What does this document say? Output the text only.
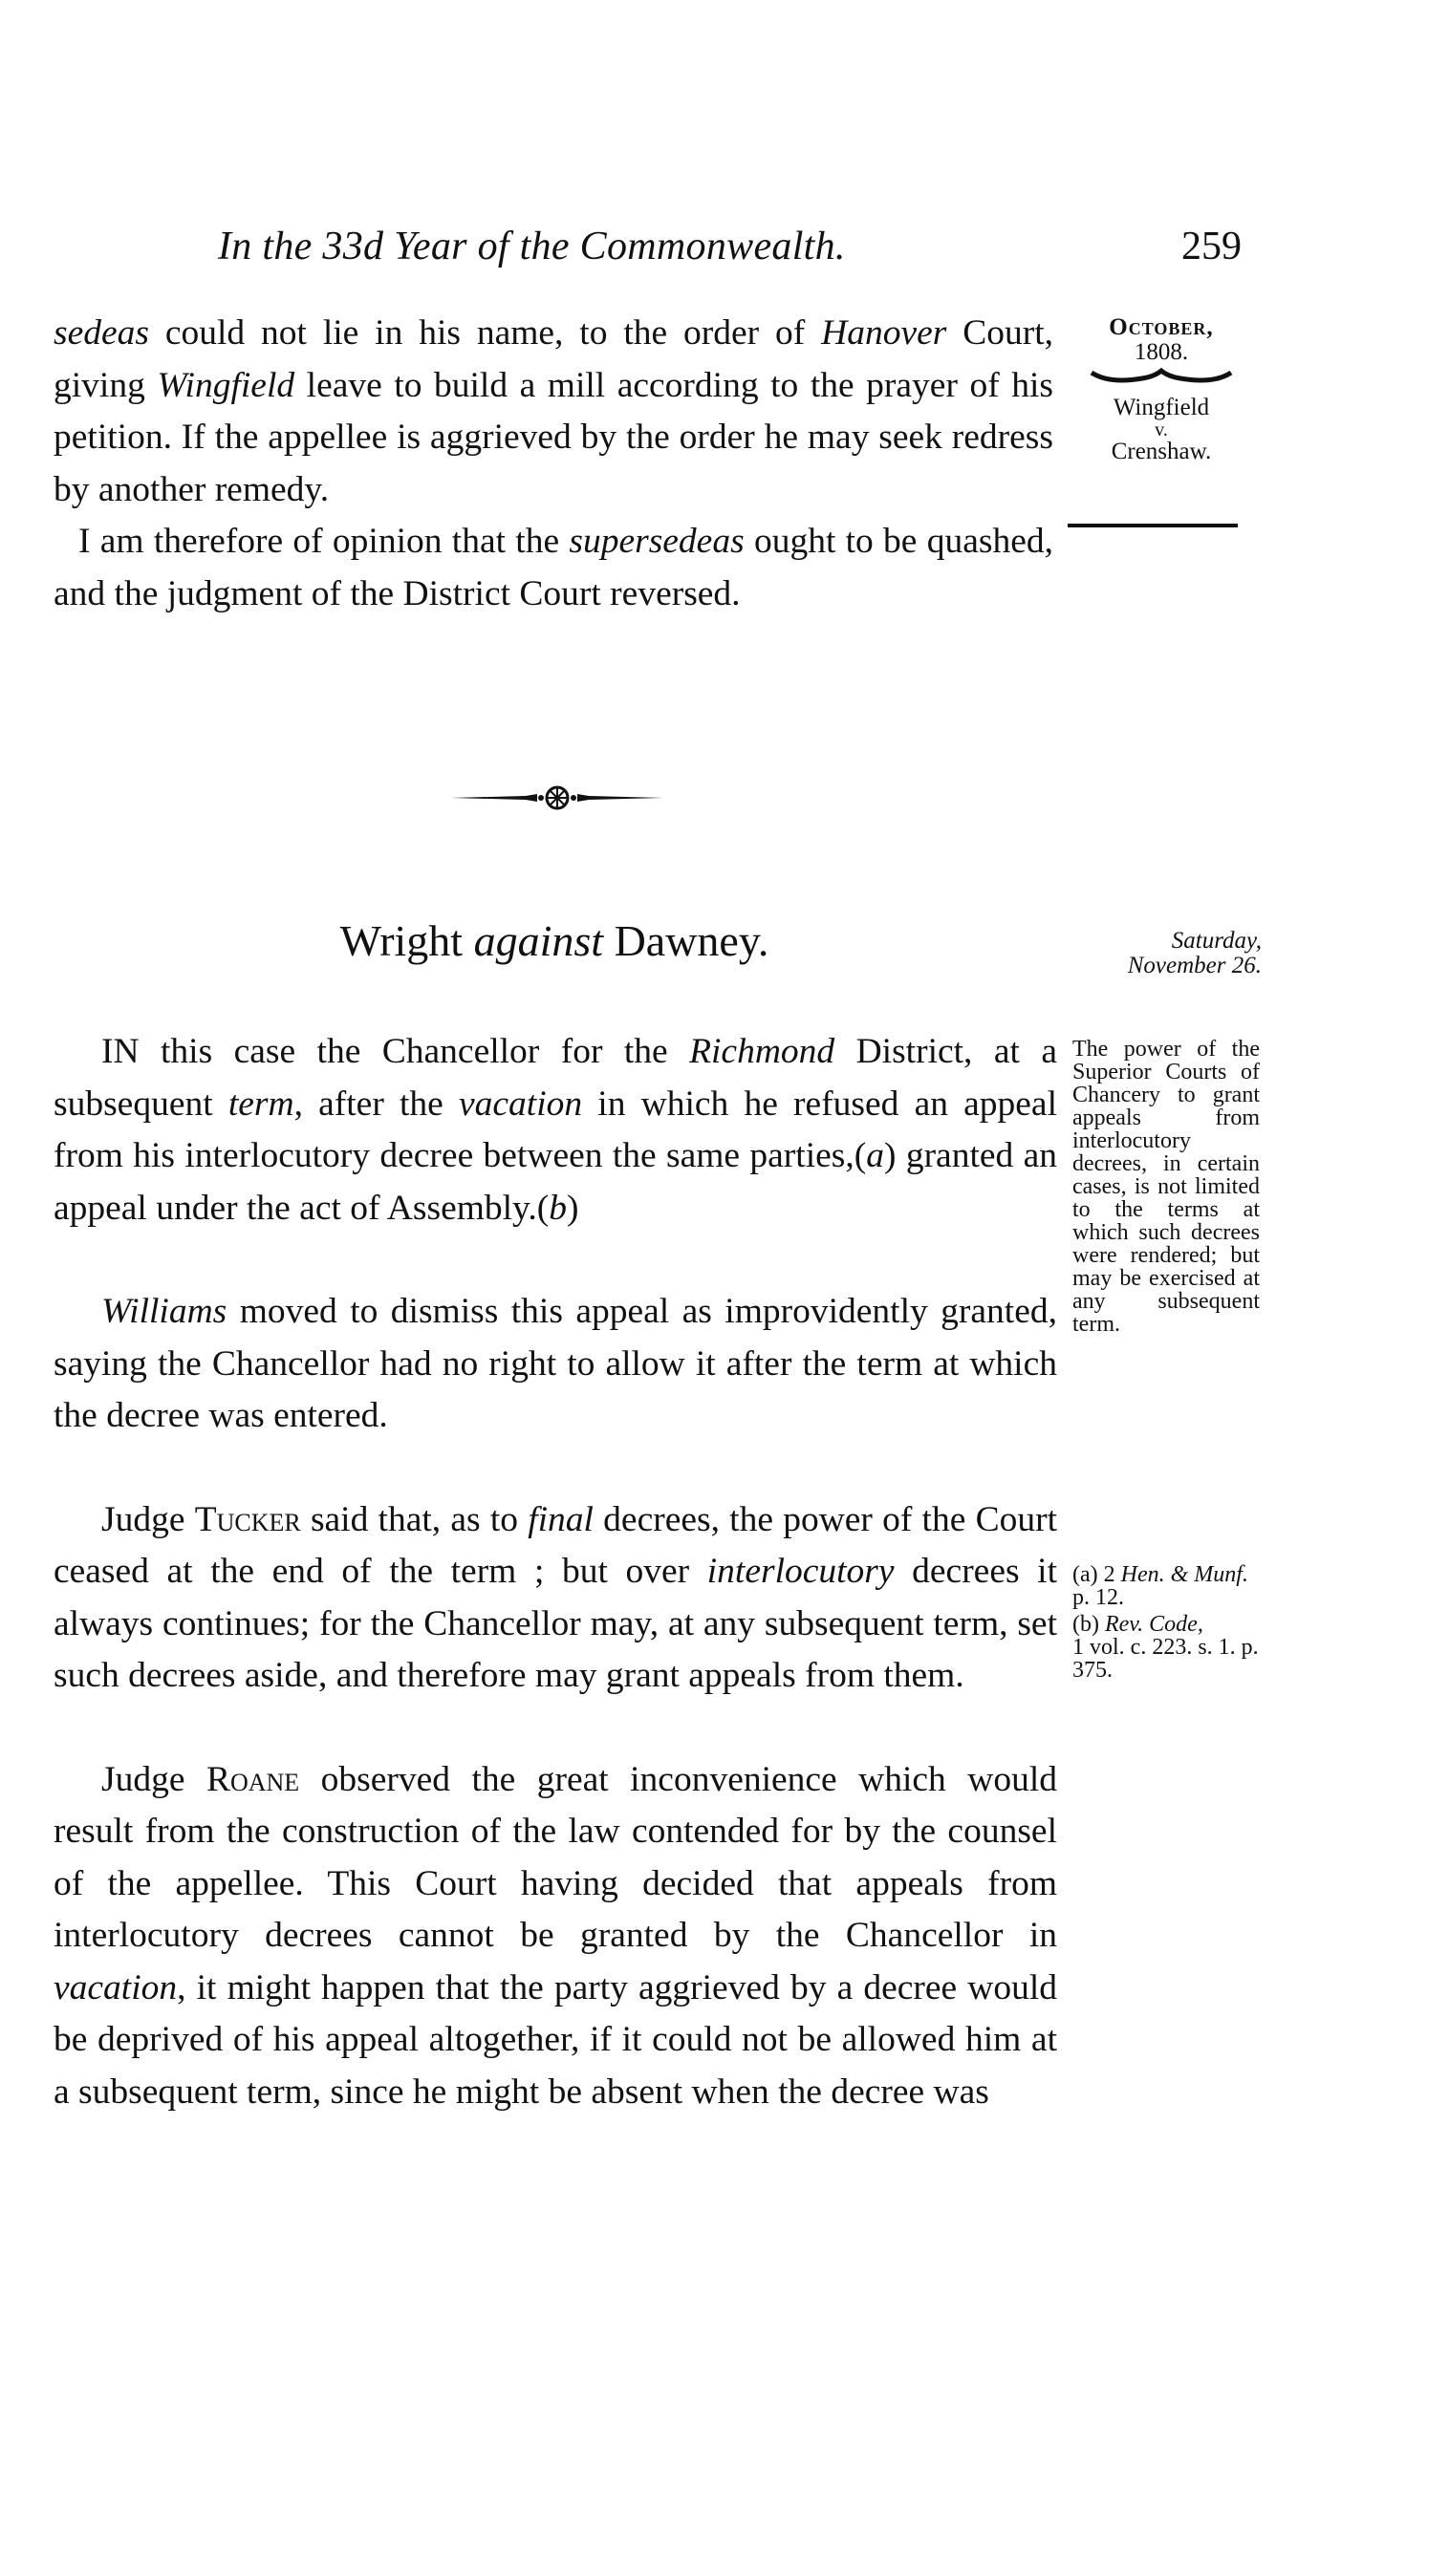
In the 33d Year of the Commonwealth.	259
October,
1808.
Wingfield
v.
Crenshaw.

sedeas could not lie in his name, to the order of Hanover Court, giving Wingfield leave to build a mill according to the prayer of his petition. If the appellee is aggrieved by the order he may seek redress by another remedy.

I am therefore of opinion that the supersedeas ought to be quashed, and the judgment of the District Court reversed.

Wright against Dawney.	Saturday,
November 26.
The power of the Superior Courts of Chancery to grant appeals from interlocutory decrees, in certain cases, is not limited to the terms at which such decrees were rendered; but may be exercised at any subsequent term.
(a) 2 Hen. & Munf. p. 12.
(b) Rev. Code,
1 vol. c. 223. s. 1. p. 375.

IN this case the Chancellor for the Richmond District, at a subsequent term, after the vacation in which he refused an appeal from his interlocutory decree between the same parties,(a) granted an appeal under the act of Assembly.(b)

Williams moved to dismiss this appeal as improvidently granted, saying the Chancellor had no right to allow it after the term at which the decree was entered.

Judge Tucker said that, as to final decrees, the power of the Court ceased at the end of the term ; but over interlocutory decrees it always continues; for the Chancellor may, at any subsequent term, set such decrees aside, and therefore may grant appeals from them.

Judge Roane observed the great inconvenience which would result from the construction of the law contended for by the counsel of the appellee. This Court having decided that appeals from interlocutory decrees cannot be granted by the Chancellor in vacation, it might happen that the party aggrieved by a decree would be deprived of his appeal altogether, if it could not be allowed him at a subsequent term, since he might be absent when the decree was
